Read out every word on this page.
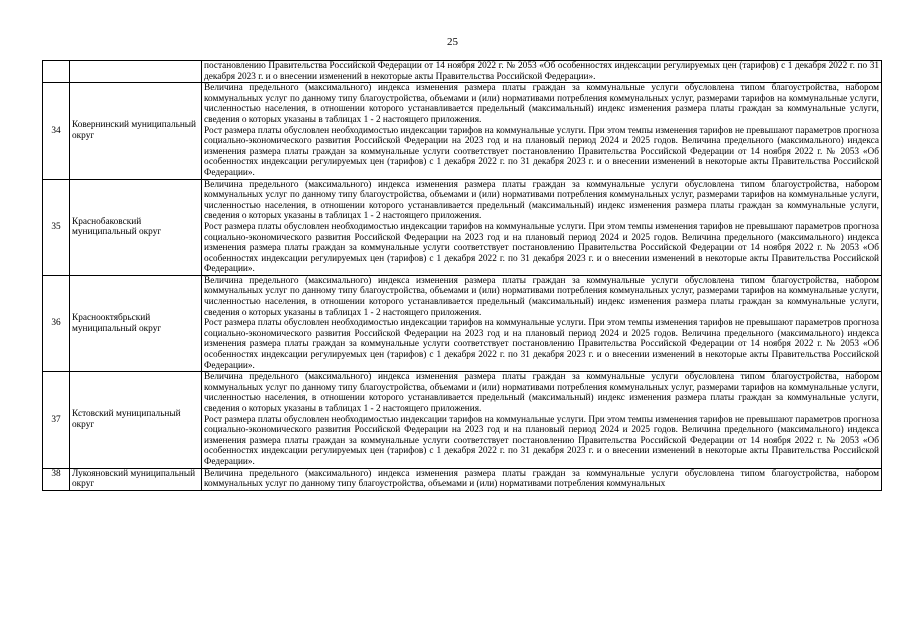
25

		постановлению Правительства Российской Федерации от 14 ноября 2022 г. № 2053 «Об особенностях индексации регулируемых цен (тарифов) с 1 декабря 2022 г. по 31 декабря 2023 г. и о внесении изменений в некоторые акты Правительства Российской Федерации».

34	Ковернинский муниципальный округ	Величина предельного (максимального) индекса изменения размера платы граждан за коммунальные услуги обусловлена типом благоустройства, набором коммунальных услуг по данному типу благоустройства, объемами и (или) нормативами потребления коммунальных услуг, размерами тарифов на коммунальные услуги, численностью населения, в отношении которого устанавливается предельный (максимальный) индекс изменения размера платы граждан за коммунальные услуги, сведения о которых указаны в таблицах 1 - 2 настоящего приложения.

Рост размера платы обусловлен необходимостью индексации тарифов на коммунальные услуги. При этом темпы изменения тарифов не превышают параметров прогноза социально-экономического развития Российской Федерации на 2023 год и на плановый период 2024 и 2025 годов. Величина предельного (максимального) индекса изменения размера платы граждан за коммунальные услуги соответствует постановлению Правительства Российской Федерации от 14 ноября 2022 г. № 2053 «Об особенностях индексации регулируемых цен (тарифов) с 1 декабря 2022 г. по 31 декабря 2023 г. и о внесении изменений в некоторые акты Правительства Российской Федерации».

35	Краснобаковский муниципальный округ	Величина предельного (максимального) индекса изменения размера платы граждан за коммунальные услуги обусловлена типом благоустройства, набором коммунальных услуг по данному типу благоустройства, объемами и (или) нормативами потребления коммунальных услуг, размерами тарифов на коммунальные услуги, численностью населения, в отношении которого устанавливается предельный (максимальный) индекс изменения размера платы граждан за коммунальные услуги, сведения о которых указаны в таблицах 1 - 2 настоящего приложения.

Рост размера платы обусловлен необходимостью индексации тарифов на коммунальные услуги. При этом темпы изменения тарифов не превышают параметров прогноза социально-экономического развития Российской Федерации на 2023 год и на плановый период 2024 и 2025 годов. Величина предельного (максимального) индекса изменения размера платы граждан за коммунальные услуги соответствует постановлению Правительства Российской Федерации от 14 ноября 2022 г. № 2053 «Об особенностях индексации регулируемых цен (тарифов) с 1 декабря 2022 г. по 31 декабря 2023 г. и о внесении изменений в некоторые акты Правительства Российской Федерации».

36	Краснооктябрьский муниципальный округ	Величина предельного (максимального) индекса изменения размера платы граждан за коммунальные услуги обусловлена типом благоустройства, набором коммунальных услуг по данному типу благоустройства, объемами и (или) нормативами потребления коммунальных услуг, размерами тарифов на коммунальные услуги, численностью населения, в отношении которого устанавливается предельный (максимальный) индекс изменения размера платы граждан за коммунальные услуги, сведения о которых указаны в таблицах 1 - 2 настоящего приложения.

Рост размера платы обусловлен необходимостью индексации тарифов на коммунальные услуги. При этом темпы изменения тарифов не превышают параметров прогноза социально-экономического развития Российской Федерации на 2023 год и на плановый период 2024 и 2025 годов. Величина предельного (максимального) индекса изменения размера платы граждан за коммунальные услуги соответствует постановлению Правительства Российской Федерации от 14 ноября 2022 г. № 2053 «Об особенностях индексации регулируемых цен (тарифов) с 1 декабря 2022 г. по 31 декабря 2023 г. и о внесении изменений в некоторые акты Правительства Российской Федерации».

37	Кстовский муниципальный округ	Величина предельного (максимального) индекса изменения размера платы граждан за коммунальные услуги обусловлена типом благоустройства, набором коммунальных услуг по данному типу благоустройства, объемами и (или) нормативами потребления коммунальных услуг, размерами тарифов на коммунальные услуги, численностью населения, в отношении которого устанавливается предельный (максимальный) индекс изменения размера платы граждан за коммунальные услуги, сведения о которых указаны в таблицах 1 - 2 настоящего приложения.

Рост размера платы обусловлен необходимостью индексации тарифов на коммунальные услуги. При этом темпы изменения тарифов не превышают параметров прогноза социально-экономического развития Российской Федерации на 2023 год и на плановый период 2024 и 2025 годов. Величина предельного (максимального) индекса изменения размера платы граждан за коммунальные услуги соответствует постановлению Правительства Российской Федерации от 14 ноября 2022 г. № 2053 «Об особенностях индексации регулируемых цен (тарифов) с 1 декабря 2022 г. по 31 декабря 2023 г. и о внесении изменений в некоторые акты Правительства Российской Федерации».

38	Лукояновский муниципальный округ	Величина предельного (максимального) индекса изменения размера платы граждан за коммунальные услуги обусловлена типом благоустройства, набором коммунальных услуг по данному типу благоустройства, объемами и (или) нормативами потребления коммунальных
